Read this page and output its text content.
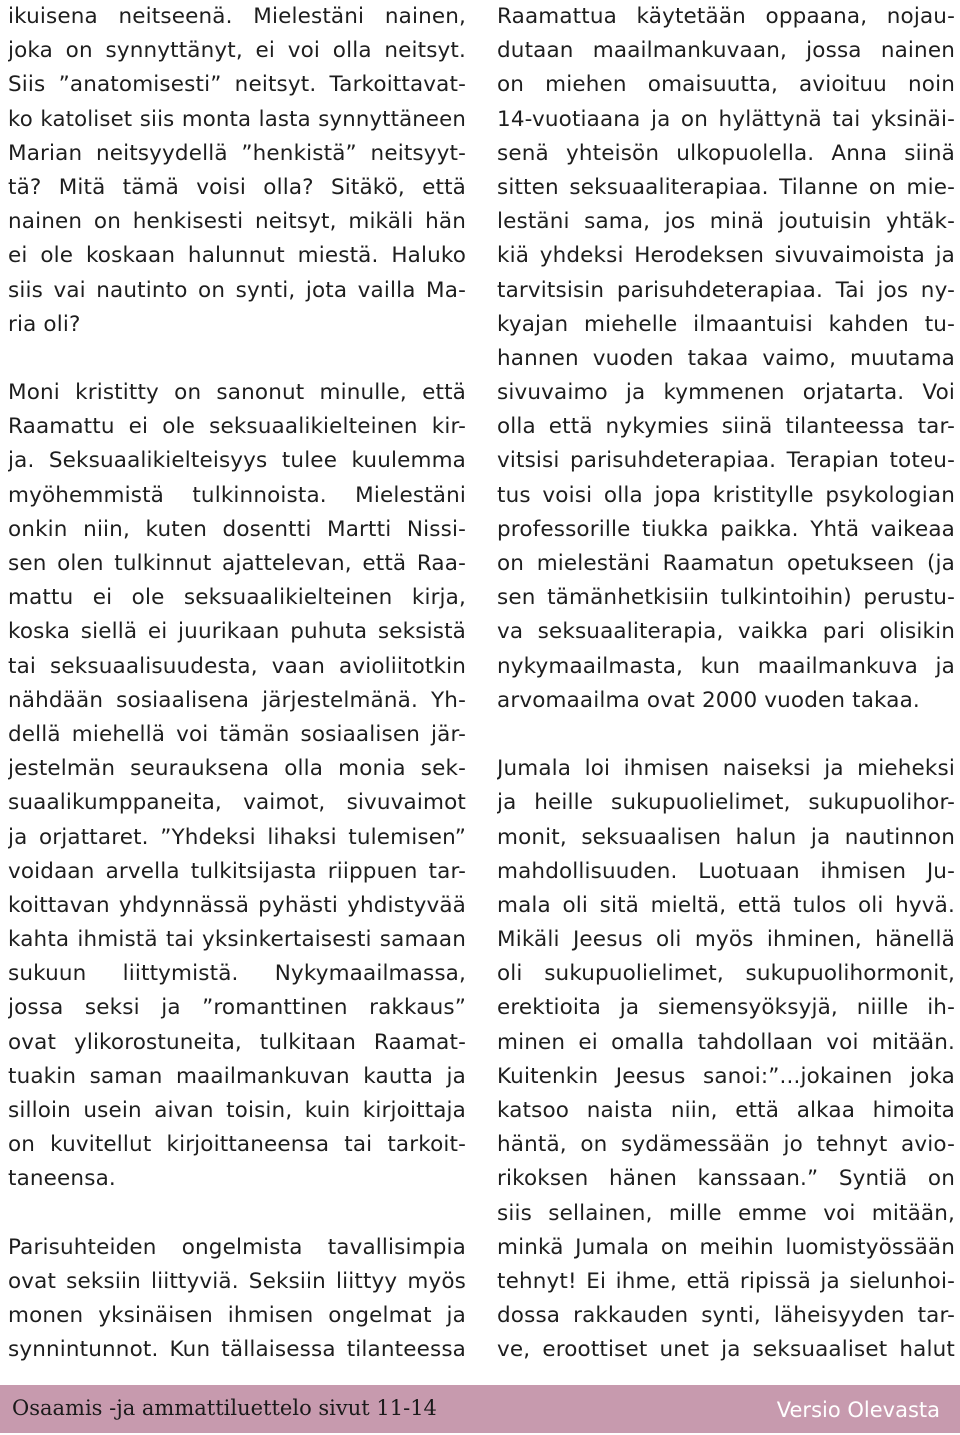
ikuisena neitseenä. Mielestäni nainen,
joka on synnyttänyt, ei voi olla neitsyt.
Siis ”anatomisesti” neitsyt. Tarkoittavat-
ko katoliset siis monta lasta synnyttäneen
Marian neitsyydellä ”henkistä” neitsyyt-
tä? Mitä tämä voisi olla? Sitäkö, että
nainen on henkisesti neitsyt, mikäli hän
ei ole koskaan halunnut miestä. Haluko
siis vai nautinto on synti, jota vailla Ma-
ria oli?
Moni kristitty on sanonut minulle, että
Raamattu ei ole seksuaalikielteinen kir-
ja. Seksuaalikielteisyys tulee kuulemma
myöhemmistä tulkinnoista. Mielestäni
onkin niin, kuten dosentti Martti Nissi-
sen olen tulkinnut ajattelevan, että Raa-
mattu ei ole seksuaalikielteinen kirja,
koska siellä ei juurikaan puhuta seksistä
tai seksuaalisuudesta, vaan avioliitotkin
nähdään sosiaalisena järjestelmänä. Yh-
dellä miehellä voi tämän sosiaalisen jär-
jestelmän seurauksena olla monia sek-
suaalikumppaneita, vaimot, sivuvaimot
ja orjattaret. ”Yhdeksi lihaksi tulemisen”
voidaan arvella tulkitsijasta riippuen tar-
koittavan yhdynnässä pyhästi yhdistyvää
kahta ihmistä tai yksinkertaisesti samaan
sukuun liittymistä. Nykymaailmassa,
jossa seksi ja ”romanttinen rakkaus”
ovat ylikorostuneita, tulkitaan Raamat-
tuakin saman maailmankuvan kautta ja
silloin usein aivan toisin, kuin kirjoittaja
on kuvitellut kirjoittaneensa tai tarkoit-
taneensa.
Parisuhteiden ongelmista tavallisimpia
ovat seksiin liittyviä. Seksiin liittyy myös
monen yksinäisen ihmisen ongelmat ja
synnintunnot. Kun tällaisessa tilanteessa
Raamattua käytetään oppaana, nojau-
dutaan maailmankuvaan, jossa nainen
on miehen omaisuutta, avioituu noin
14-vuotiaana ja on hylättynä tai yksinäi-
senä yhteisön ulkopuolella. Anna siinä
sitten seksuaaliterapiaa. Tilanne on mie-
lestäni sama, jos minä joutuisin yhtäk-
kiä yhdeksi Herodeksen sivuvaimoista ja
tarvitsisin parisuhdeterapiaa. Tai jos ny-
kyajan miehelle ilmaantuisi kahden tu-
hannen vuoden takaa vaimo, muutama
sivuvaimo ja kymmenen orjatarta. Voi
olla että nykymies siinä tilanteessa tar-
vitsisi parisuhdeterapiaa. Terapian toteu-
tus voisi olla jopa kristitylle psykologian
professorille tiukka paikka. Yhtä vaikeaa
on mielestäni Raamatun opetukseen (ja
sen tämänhetkisiin tulkintoihin) perustu-
va seksuaaliterapia, vaikka pari olisikin
nykymaailmasta, kun maailmankuva ja
arvomaailma ovat 2000 vuoden takaa.
Jumala loi ihmisen naiseksi ja mieheksi
ja heille sukupuolielimet, sukupuolihor-
monit, seksuaalisen halun ja nautinnon
mahdollisuuden. Luotuaan ihmisen Ju-
mala oli sitä mieltä, että tulos oli hyvä.
Mikäli Jeesus oli myös ihminen, hänellä
oli sukupuolielimet, sukupuolihormonit,
erektioita ja siemensyöksyjä, niille ih-
minen ei omalla tahdollaan voi mitään.
Kuitenkin Jeesus sanoi:”...jokainen joka
katsoo naista niin, että alkaa himoita
häntä, on sydämessään jo tehnyt avio-
rikoksen hänen kanssaan.” Syntiä on
siis sellainen, mille emme voi mitään,
minkä Jumala on meihin luomistyössään
tehnyt! Ei ihme, että ripissä ja sielunhoi-
dossa rakkauden synti, läheisyyden tar-
ve, eroottiset unet ja seksuaaliset halut
Osaamis -ja ammattiluettelo sivut 11-14	Versio Olevasta
